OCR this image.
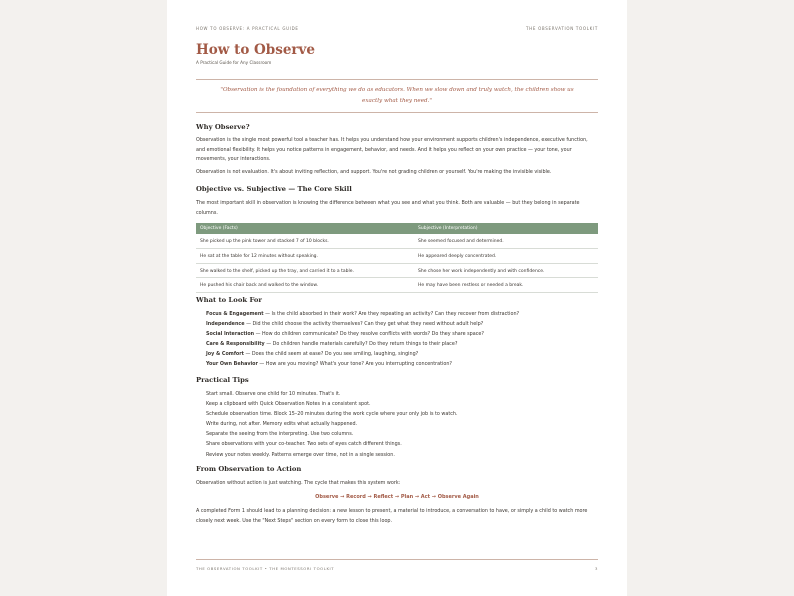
HOW TO OBSERVE: A PRACTICAL GUIDE	THE OBSERVATION TOOLKIT
How to Observe
A Practical Guide for Any Classroom
"Observation is the foundation of everything we do as educators. When we slow down and truly watch, the children show us exactly what they need."
Why Observe?
Observation is the single most powerful tool a teacher has. It helps you understand how your environment supports children's independence, executive function, and emotional flexibility. It helps you notice patterns in engagement, behavior, and needs. And it helps you reflect on your own practice — your tone, your movements, your interactions.
Observation is not evaluation. It's about inviting reflection, and support. You're not grading children or yourself. You're making the invisible visible.
Objective vs. Subjective — The Core Skill
The most important skill in observation is knowing the difference between what you see and what you think. Both are valuable — but they belong in separate columns.
Objective (Facts)	Subjective (Interpretation)
She picked up the pink tower and stacked 7 of 10 blocks.	She seemed focused and determined.
He sat at the table for 12 minutes without speaking.	He appeared deeply concentrated.
She walked to the shelf, picked up the tray, and carried it to a table.	She chose her work independently and with confidence.
He pushed his chair back and walked to the window.	He may have been restless or needed a break.
What to Look For
Focus & Engagement — Is the child absorbed in their work? Are they repeating an activity? Can they recover from distraction?
Independence — Did the child choose the activity themselves? Can they get what they need without adult help?
Social Interaction — How do children communicate? Do they resolve conflicts with words? Do they share space?
Care & Responsibility — Do children handle materials carefully? Do they return things to their place?
Joy & Comfort — Does the child seem at ease? Do you see smiling, laughing, singing?
Your Own Behavior — How are you moving? What's your tone? Are you interrupting concentration?
Practical Tips
Start small. Observe one child for 10 minutes. That's it.
Keep a clipboard with Quick Observation Notes in a consistent spot.
Schedule observation time. Block 15–20 minutes during the work cycle where your only job is to watch.
Write during, not after. Memory edits what actually happened.
Separate the seeing from the interpreting. Use two columns.
Share observations with your co-teacher. Two sets of eyes catch different things.
Review your notes weekly. Patterns emerge over time, not in a single session.
From Observation to Action
Observation without action is just watching. The cycle that makes this system work:
Observe → Record → Reflect → Plan → Act → Observe Again
A completed Form 1 should lead to a planning decision: a new lesson to present, a material to introduce, a conversation to have, or simply a child to watch more closely next week. Use the "Next Steps" section on every form to close this loop.
THE OBSERVATION TOOLKIT • THE MONTESSORI TOOLKIT	3
